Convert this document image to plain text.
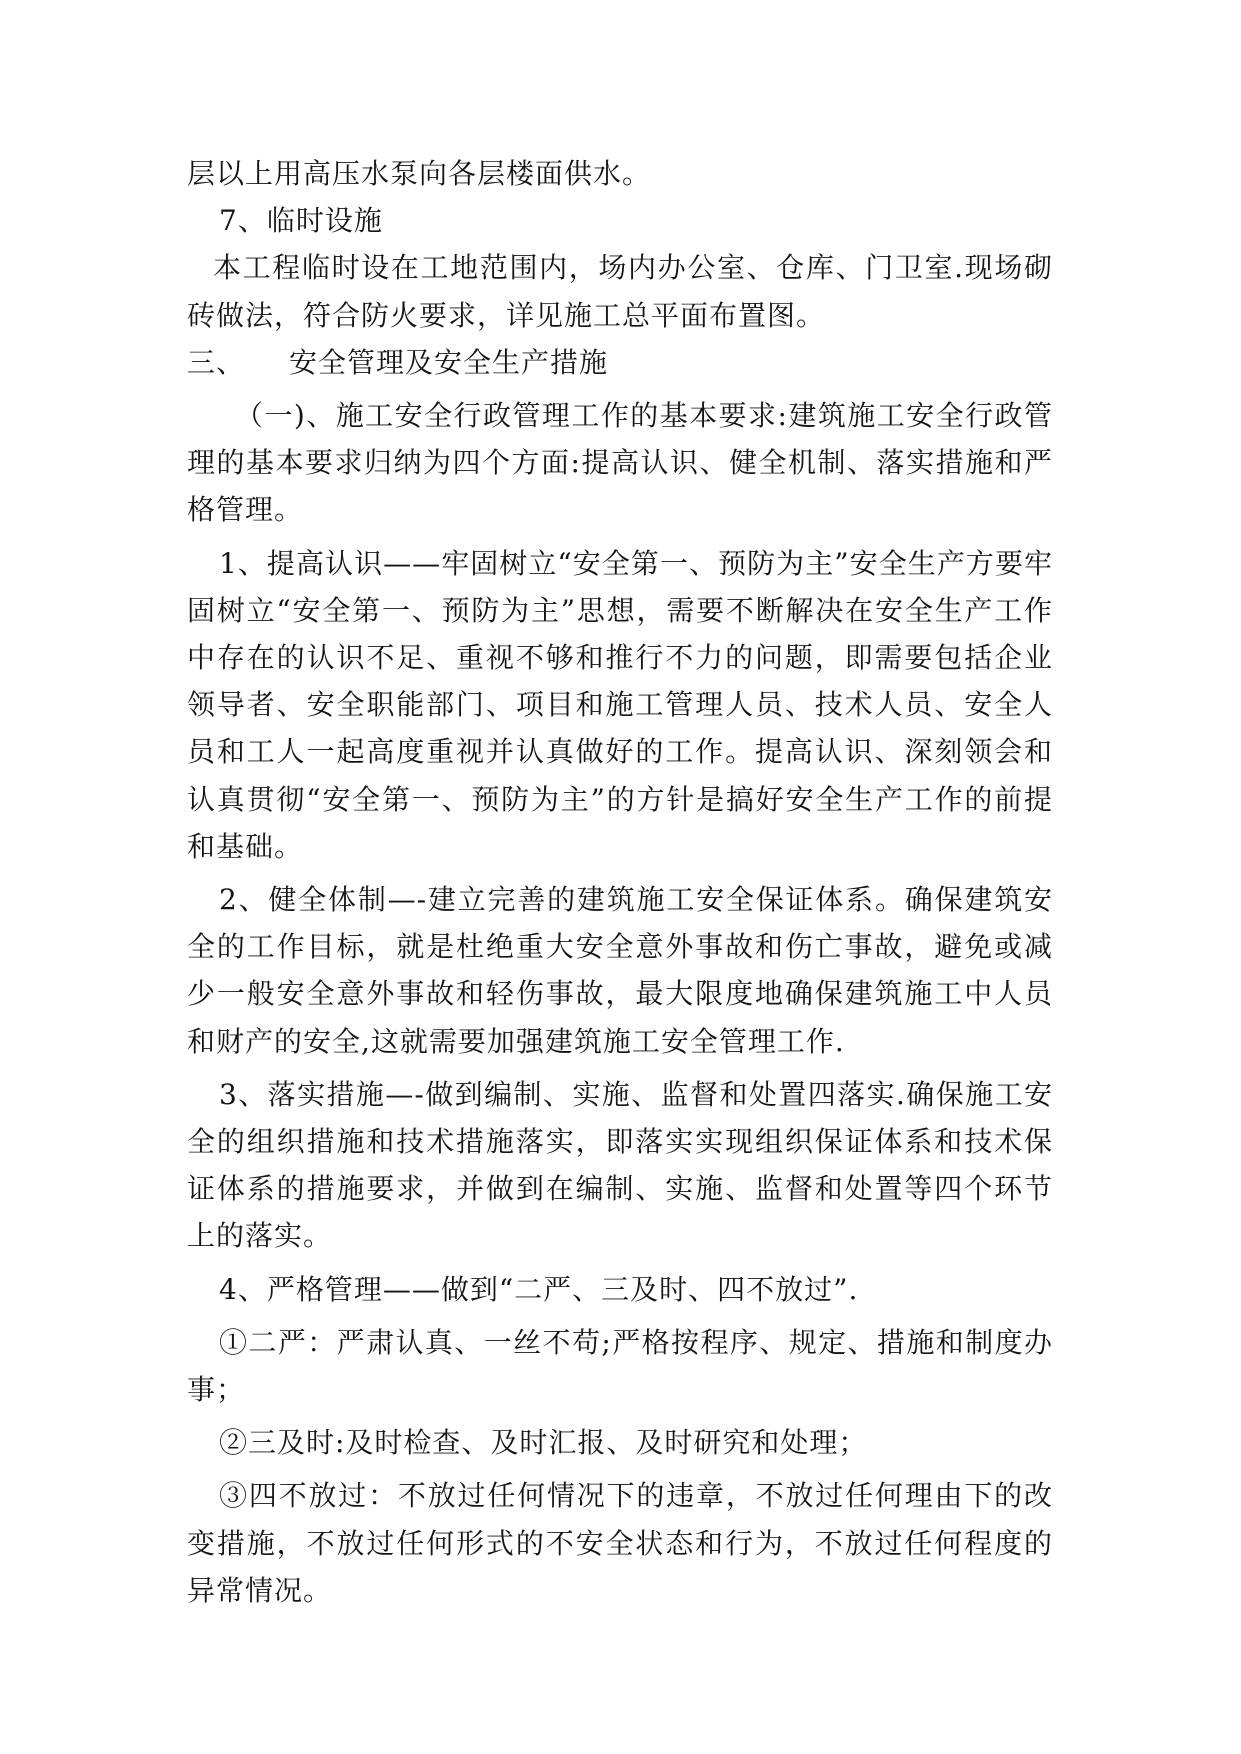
层以上用高压水泵向各层楼面供水。

7、临时设施

本工程临时设在工地范围内，场内办公室、仓库、门卫室.现场砌砖做法，符合防火要求，详见施工总平面布置图。

三、 安全管理及安全生产措施

（一)、施工安全行政管理工作的基本要求:建筑施工安全行政管理的基本要求归纳为四个方面:提高认识、健全机制、落实措施和严格管理。

1、提高认识——牢固树立“安全第一、预防为主”安全生产方要牢固树立“安全第一、预防为主”思想，需要不断解决在安全生产工作中存在的认识不足、重视不够和推行不力的问题，即需要包括企业领导者、安全职能部门、项目和施工管理人员、技术人员、安全人员和工人一起高度重视并认真做好的工作。提高认识、深刻领会和认真贯彻“安全第一、预防为主”的方针是搞好安全生产工作的前提和基础。

2、健全体制—-建立完善的建筑施工安全保证体系。确保建筑安全的工作目标，就是杜绝重大安全意外事故和伤亡事故，避免或减少一般安全意外事故和轻伤事故，最大限度地确保建筑施工中人员和财产的安全,这就需要加强建筑施工安全管理工作.

3、落实措施—-做到编制、实施、监督和处置四落实.确保施工安全的组织措施和技术措施落实，即落实实现组织保证体系和技术保证体系的措施要求，并做到在编制、实施、监督和处置等四个环节上的落实。

4、严格管理——做到“二严、三及时、四不放过”.

①二严：严肃认真、一丝不苟;严格按程序、规定、措施和制度办事；

②三及时:及时检查、及时汇报、及时研究和处理；

③四不放过：不放过任何情况下的违章，不放过任何理由下的改变措施，不放过任何形式的不安全状态和行为，不放过任何程度的异常情况。
